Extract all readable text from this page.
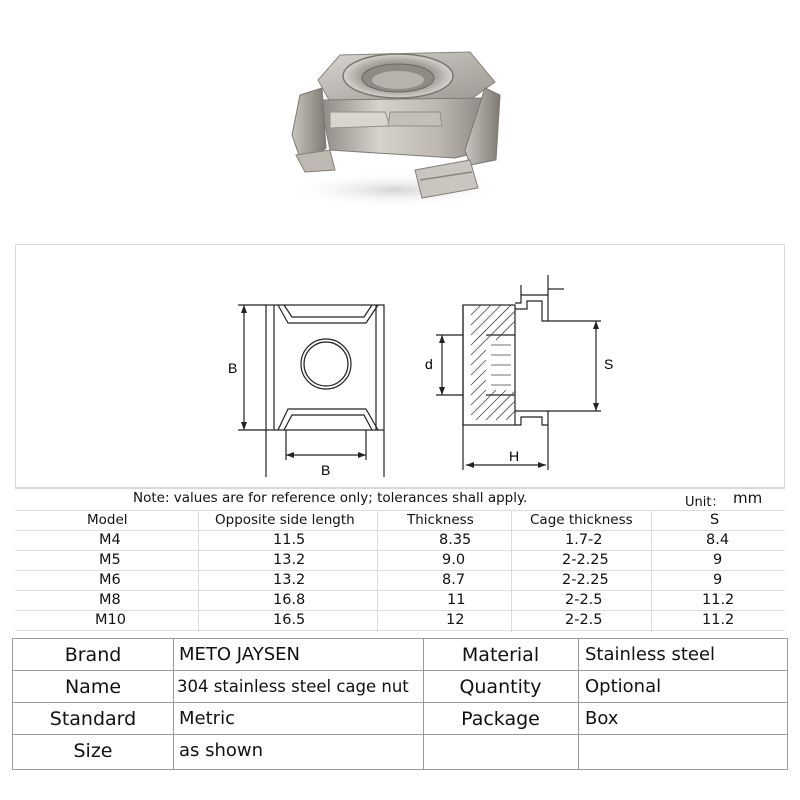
B
B
d	S
H
Note: values are for reference only; tolerances shall apply.	Unit： mm
Model	Opposite side length	Thickness	Cage thickness	S
M4	11.5	8.35	1.7-2	8.4
M5	13.2	9.0	2-2.25	9
M6	13.2	8.7	2-2.25	9
M8	16.8	11	2-2.5	11.2
M10	16.5	12	2-2.5	11.2
Brand	METO JAYSEN	Material	Stainless steel
Name	304 stainless steel cage nut	Quantity	Optional
Standard	Metric	Package	Box
Size	as shown
